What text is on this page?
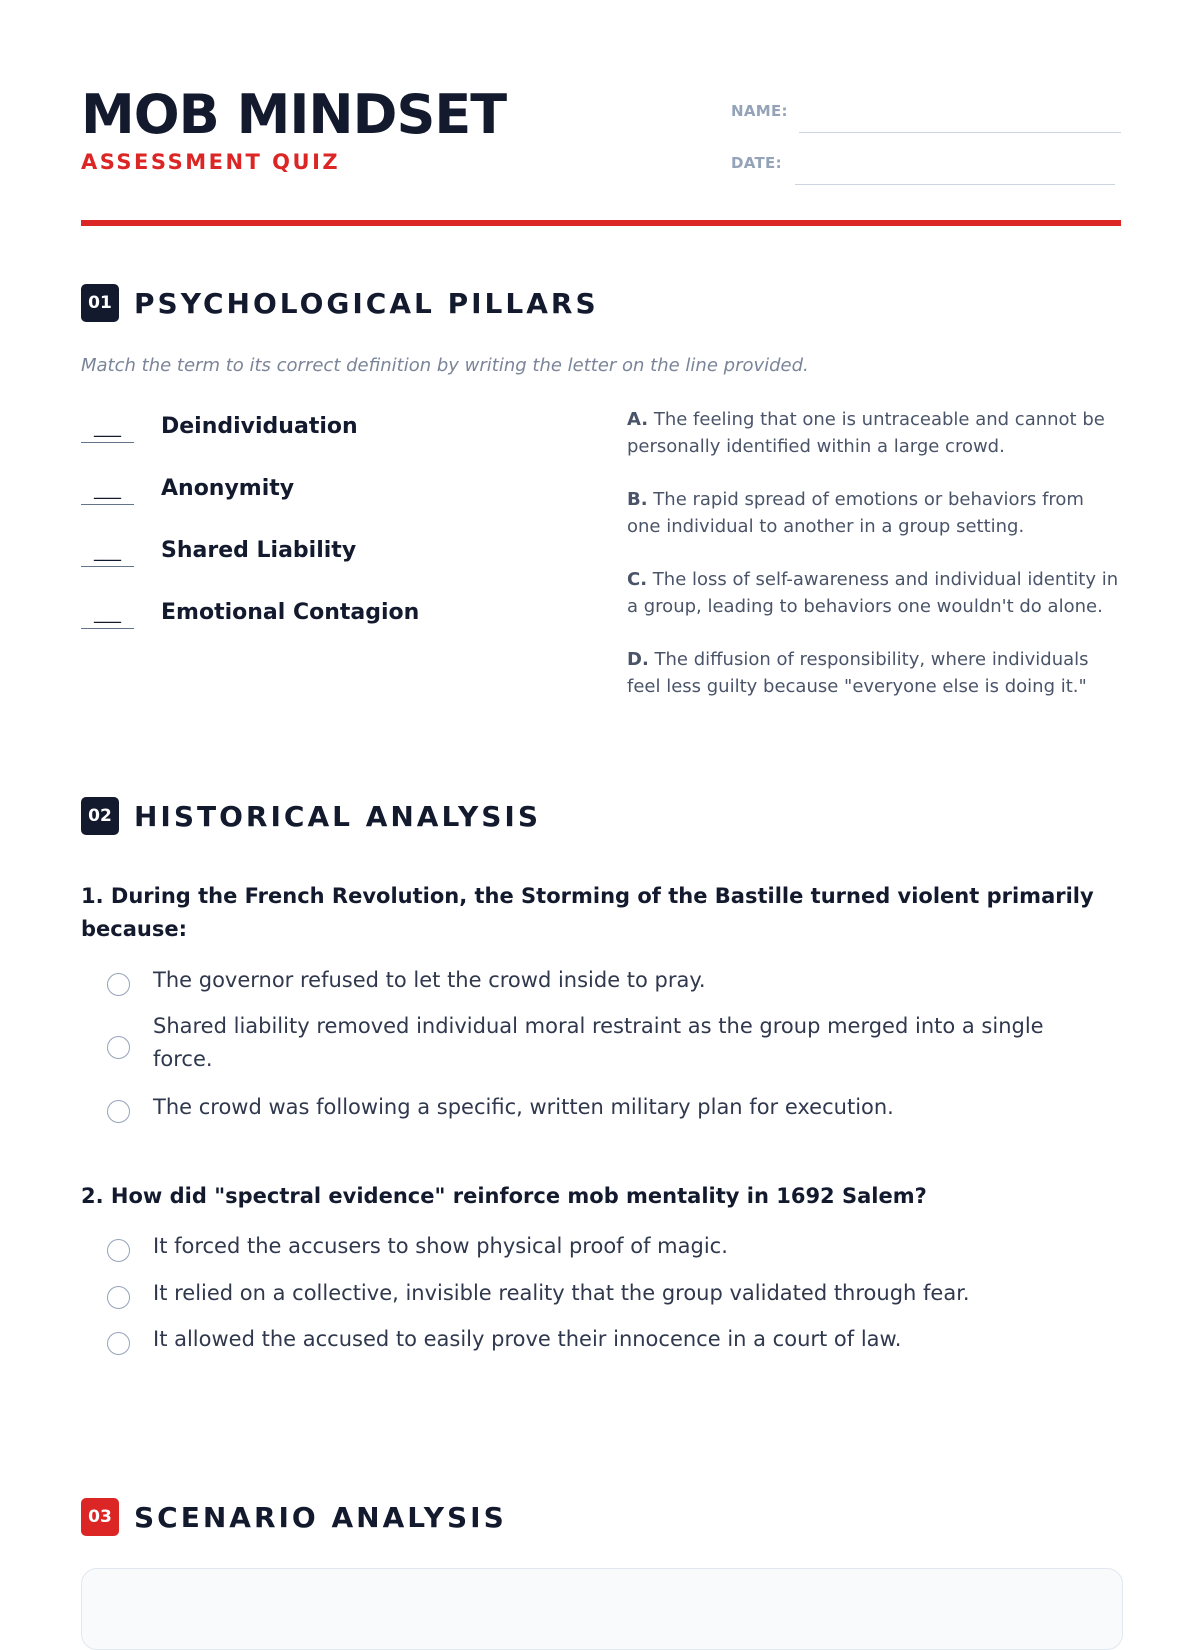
MOB MINDSET
ASSESSMENT QUIZ
NAME:
DATE:
01 PSYCHOLOGICAL PILLARS
Match the term to its correct definition by writing the letter on the line provided.
___	Deindividuation
___	Anonymity
___	Shared Liability
___	Emotional Contagion
A. The feeling that one is untraceable and cannot be personally identified within a large crowd.
B. The rapid spread of emotions or behaviors from one individual to another in a group setting.
C. The loss of self-awareness and individual identity in a group, leading to behaviors one wouldn't do alone.
D. The diffusion of responsibility, where individuals feel less guilty because "everyone else is doing it."
02 HISTORICAL ANALYSIS
1. During the French Revolution, the Storming of the Bastille turned violent primarily because:
The governor refused to let the crowd inside to pray.
Shared liability removed individual moral restraint as the group merged into a single force.
The crowd was following a specific, written military plan for execution.
2. How did "spectral evidence" reinforce mob mentality in 1692 Salem?
It forced the accusers to show physical proof of magic.
It relied on a collective, invisible reality that the group validated through fear.
It allowed the accused to easily prove their innocence in a court of law.
03 SCENARIO ANALYSIS
